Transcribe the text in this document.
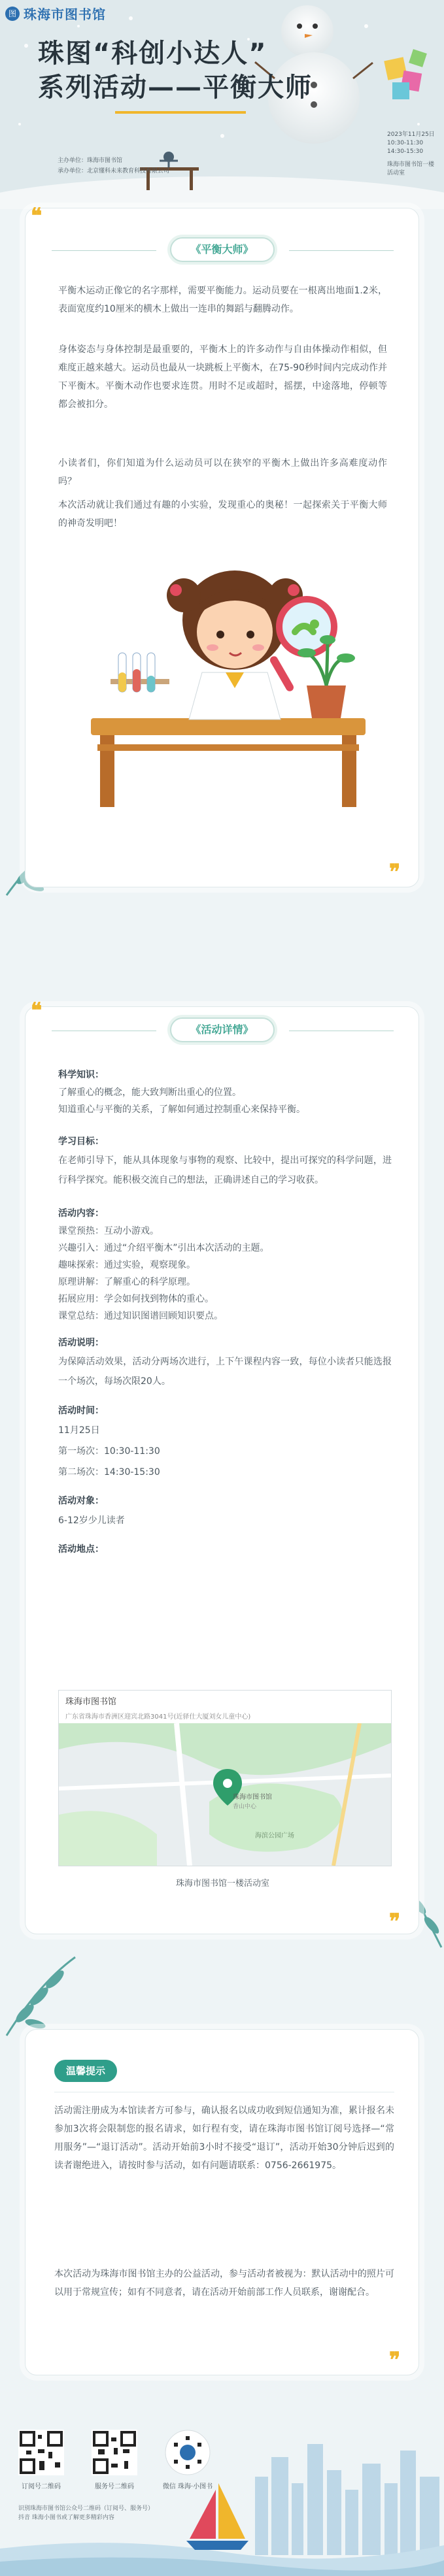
图 珠海市图书馆
珠图“科创小达人”
系列活动——平衡大师
主办单位：珠海市图书馆
承办单位：北京懂科未来教育科技有限公司
2023年11月25日
10:30-11:30
14:30-15:30
珠海市图书馆一楼
活动室
《平衡大师》
❝
平衡木运动正像它的名字那样，需要平衡能力。运动员要在一根离出地面1.2米，表面宽度约10厘米的横木上做出一连串的舞蹈与翻腾动作。
身体姿态与身体控制是最重要的，平衡木上的许多动作与自由体操动作相似，但难度正越来越大。运动员也最从一块跳板上平衡木，在75-90秒时间内完成动作并下平衡木。平衡木动作也要求连贯。用时不足或超时，摇摆，中途落地，停顿等都会被扣分。
小读者们，你们知道为什么运动员可以在狭窄的平衡木上做出许多高难度动作吗？
本次活动就让我们通过有趣的小实验，发现重心的奥秘！一起探索关于平衡大师的神奇发明吧！
❞
《活动详情》
❝
科学知识：
了解重心的概念，能大致判断出重心的位置。
知道重心与平衡的关系，了解如何通过控制重心来保持平衡。
学习目标：
在老师引导下，能从具体现象与事物的观察、比较中，提出可探究的科学问题，进行科学探究。能积极交流自己的想法，正确讲述自己的学习收获。
活动内容：
课堂预热：互动小游戏。
兴趣引入：通过“介绍平衡木”引出本次活动的主题。
趣味探索：通过实验，观察现象。
原理讲解：了解重心的科学原理。
拓展应用：学会如何找到物体的重心。
课堂总结：通过知识图谱回顾知识要点。
活动说明：
为保障活动效果，活动分两场次进行，上下午课程内容一致，每位小读者只能选报一个场次，每场次限20人。
活动时间：
11月25日
第一场次：10:30-11:30
第二场次：14:30-15:30
活动对象：
6-12岁少儿读者
活动地点：
珠海市图书馆
广东省珠海市香洲区迎宾北路3041号(近驿仕大厦刘女儿童中心)
珠海市图书馆
香山中心
海滨公园广场
珠海市图书馆一楼活动室
❞
温馨提示
活动需注册成为本馆读者方可参与，确认报名以成功收到短信通知为准，累计报名未参加3次将会限制您的报名请求，如行程有变，请在珠海市图书馆订阅号选择—“常用服务”—“退订活动”。活动开始前3小时不接受“退订”，活动开始30分钟后迟到的读者谢绝进入，请按时参与活动，如有问题请联系：0756-2661975。
本次活动为珠海市图书馆主办的公益活动，参与活动者被视为：默认活动中的照片可以用于常规宣传；如有不同意者，请在活动开始前部工作人员联系，谢谢配合。
❞
订阅号二维码	服务号二维码	微信 珠海·小图书
识别珠海市图书馆公众号二维码（订阅号、服务号）
抖音 珠海小图书或了解更多精彩内容
